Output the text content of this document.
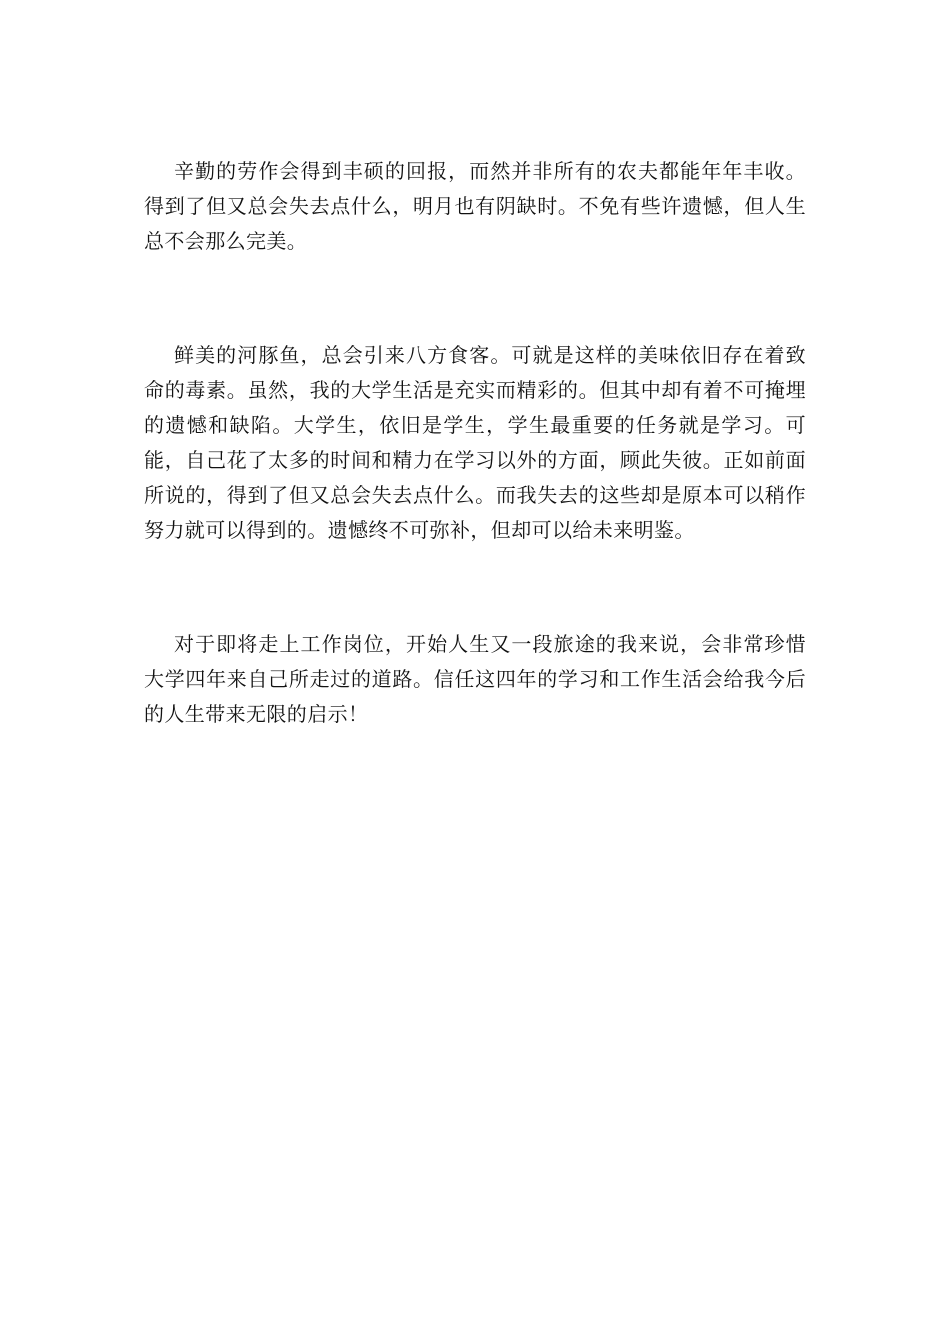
辛勤的劳作会得到丰硕的回报，而然并非所有的农夫都能年年丰收。得到了但又总会失去点什么，明月也有阴缺时。不免有些许遗憾，但人生总不会那么完美。

鲜美的河豚鱼，总会引来八方食客。可就是这样的美味依旧存在着致命的毒素。虽然，我的大学生活是充实而精彩的。但其中却有着不可掩埋的遗憾和缺陷。大学生，依旧是学生，学生最重要的任务就是学习。可能，自己花了太多的时间和精力在学习以外的方面，顾此失彼。正如前面所说的，得到了但又总会失去点什么。而我失去的这些却是原本可以稍作努力就可以得到的。遗憾终不可弥补，但却可以给未来明鉴。

对于即将走上工作岗位，开始人生又一段旅途的我来说，会非常珍惜大学四年来自己所走过的道路。信任这四年的学习和工作生活会给我今后的人生带来无限的启示！
